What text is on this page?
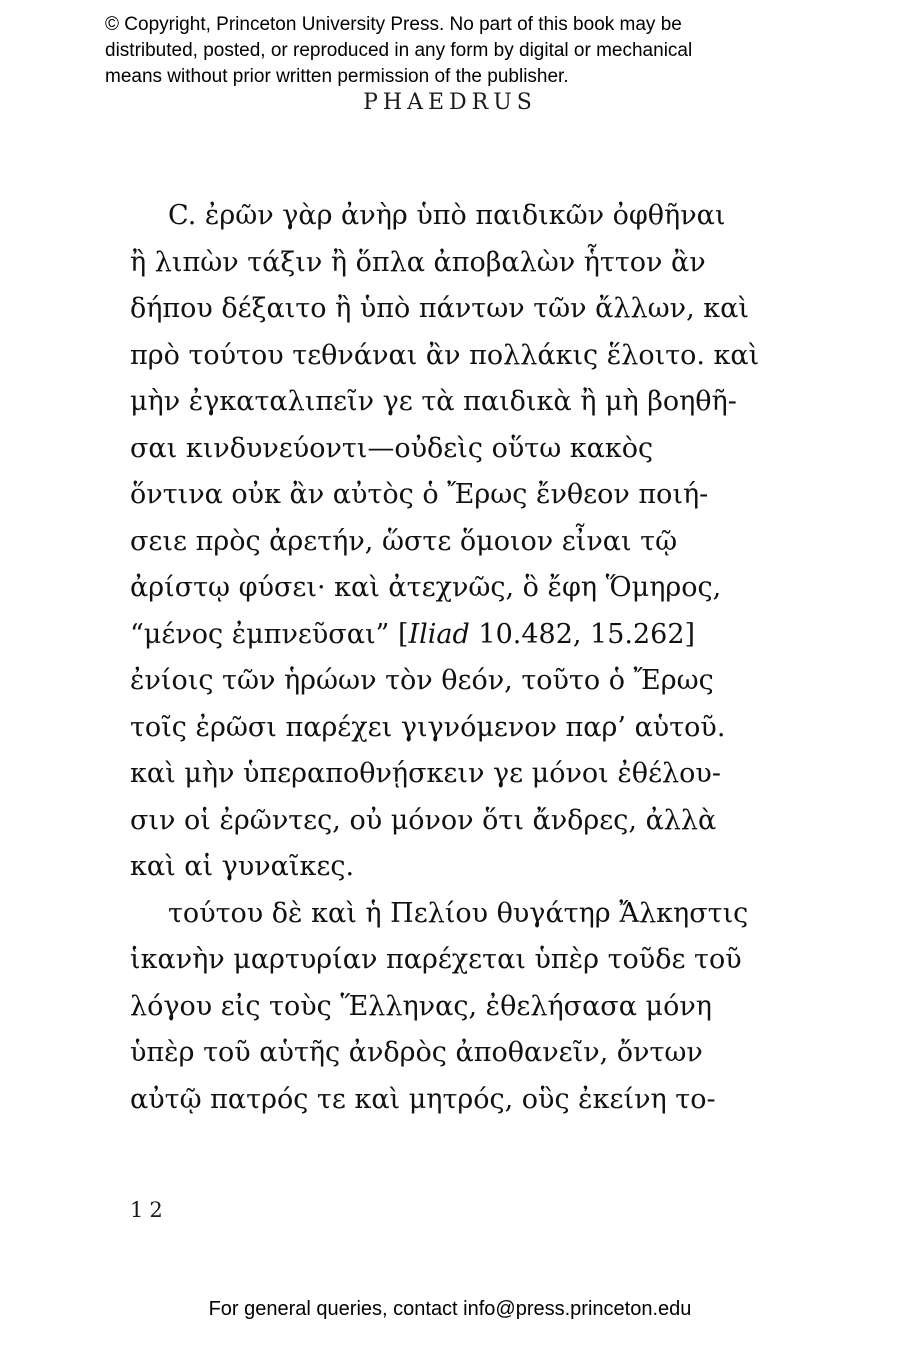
© Copyright, Princeton University Press. No part of this book may be
distributed, posted, or reproduced in any form by digital or mechanical
means without prior written permission of the publisher.
PHAEDRUS
C. ἐρῶν γὰρ ἀνὴρ ὑπὸ παιδικῶν ὀφθῆναι
ἢ λιπὼν τάξιν ἢ ὅπλα ἀποβαλὼν ἧττον ἂν
δήπου δέξαιτο ἢ ὑπὸ πάντων τῶν ἄλλων, καὶ
πρὸ τούτου τεθνάναι ἂν πολλάκις ἕλοιτο. καὶ
μὴν ἐγκαταλιπεῖν γε τὰ παιδικὰ ἢ μὴ βοηθῆ-
σαι κινδυνεύοντι—οὐδεὶς οὕτω κακὸς
ὅντινα οὐκ ἂν αὐτὸς ὁ Ἔρως ἔνθεον ποιή-
σειε πρὸς ἀρετήν, ὥστε ὅμοιον εἶναι τῷ
ἀρίστῳ φύσει· καὶ ἀτεχνῶς, ὃ ἔφη Ὅμηρος,
“μένος ἐμπνεῦσαι” [Iliad 10.482, 15.262]
ἐνίοις τῶν ἡρώων τὸν θεόν, τοῦτο ὁ Ἔρως
τοῖς ἐρῶσι παρέχει γιγνόμενον παρ’ αὑτοῦ.
καὶ μὴν ὑπεραποθνῄσκειν γε μόνοι ἐθέλου-
σιν οἱ ἐρῶντες, οὐ μόνον ὅτι ἄνδρες, ἀλλὰ
καὶ αἱ γυναῖκες.
τούτου δὲ καὶ ἡ Πελίου θυγάτηρ Ἄλκηστις
ἱκανὴν μαρτυρίαν παρέχεται ὑπὲρ τοῦδε τοῦ
λόγου εἰς τοὺς Ἕλληνας, ἐθελήσασα μόνη
ὑπὲρ τοῦ αὑτῆς ἀνδρὸς ἀποθανεῖν, ὄντων
αὐτῷ πατρός τε καὶ μητρός, οὓς ἐκείνη το-
12
For general queries, contact info@press.princeton.edu
